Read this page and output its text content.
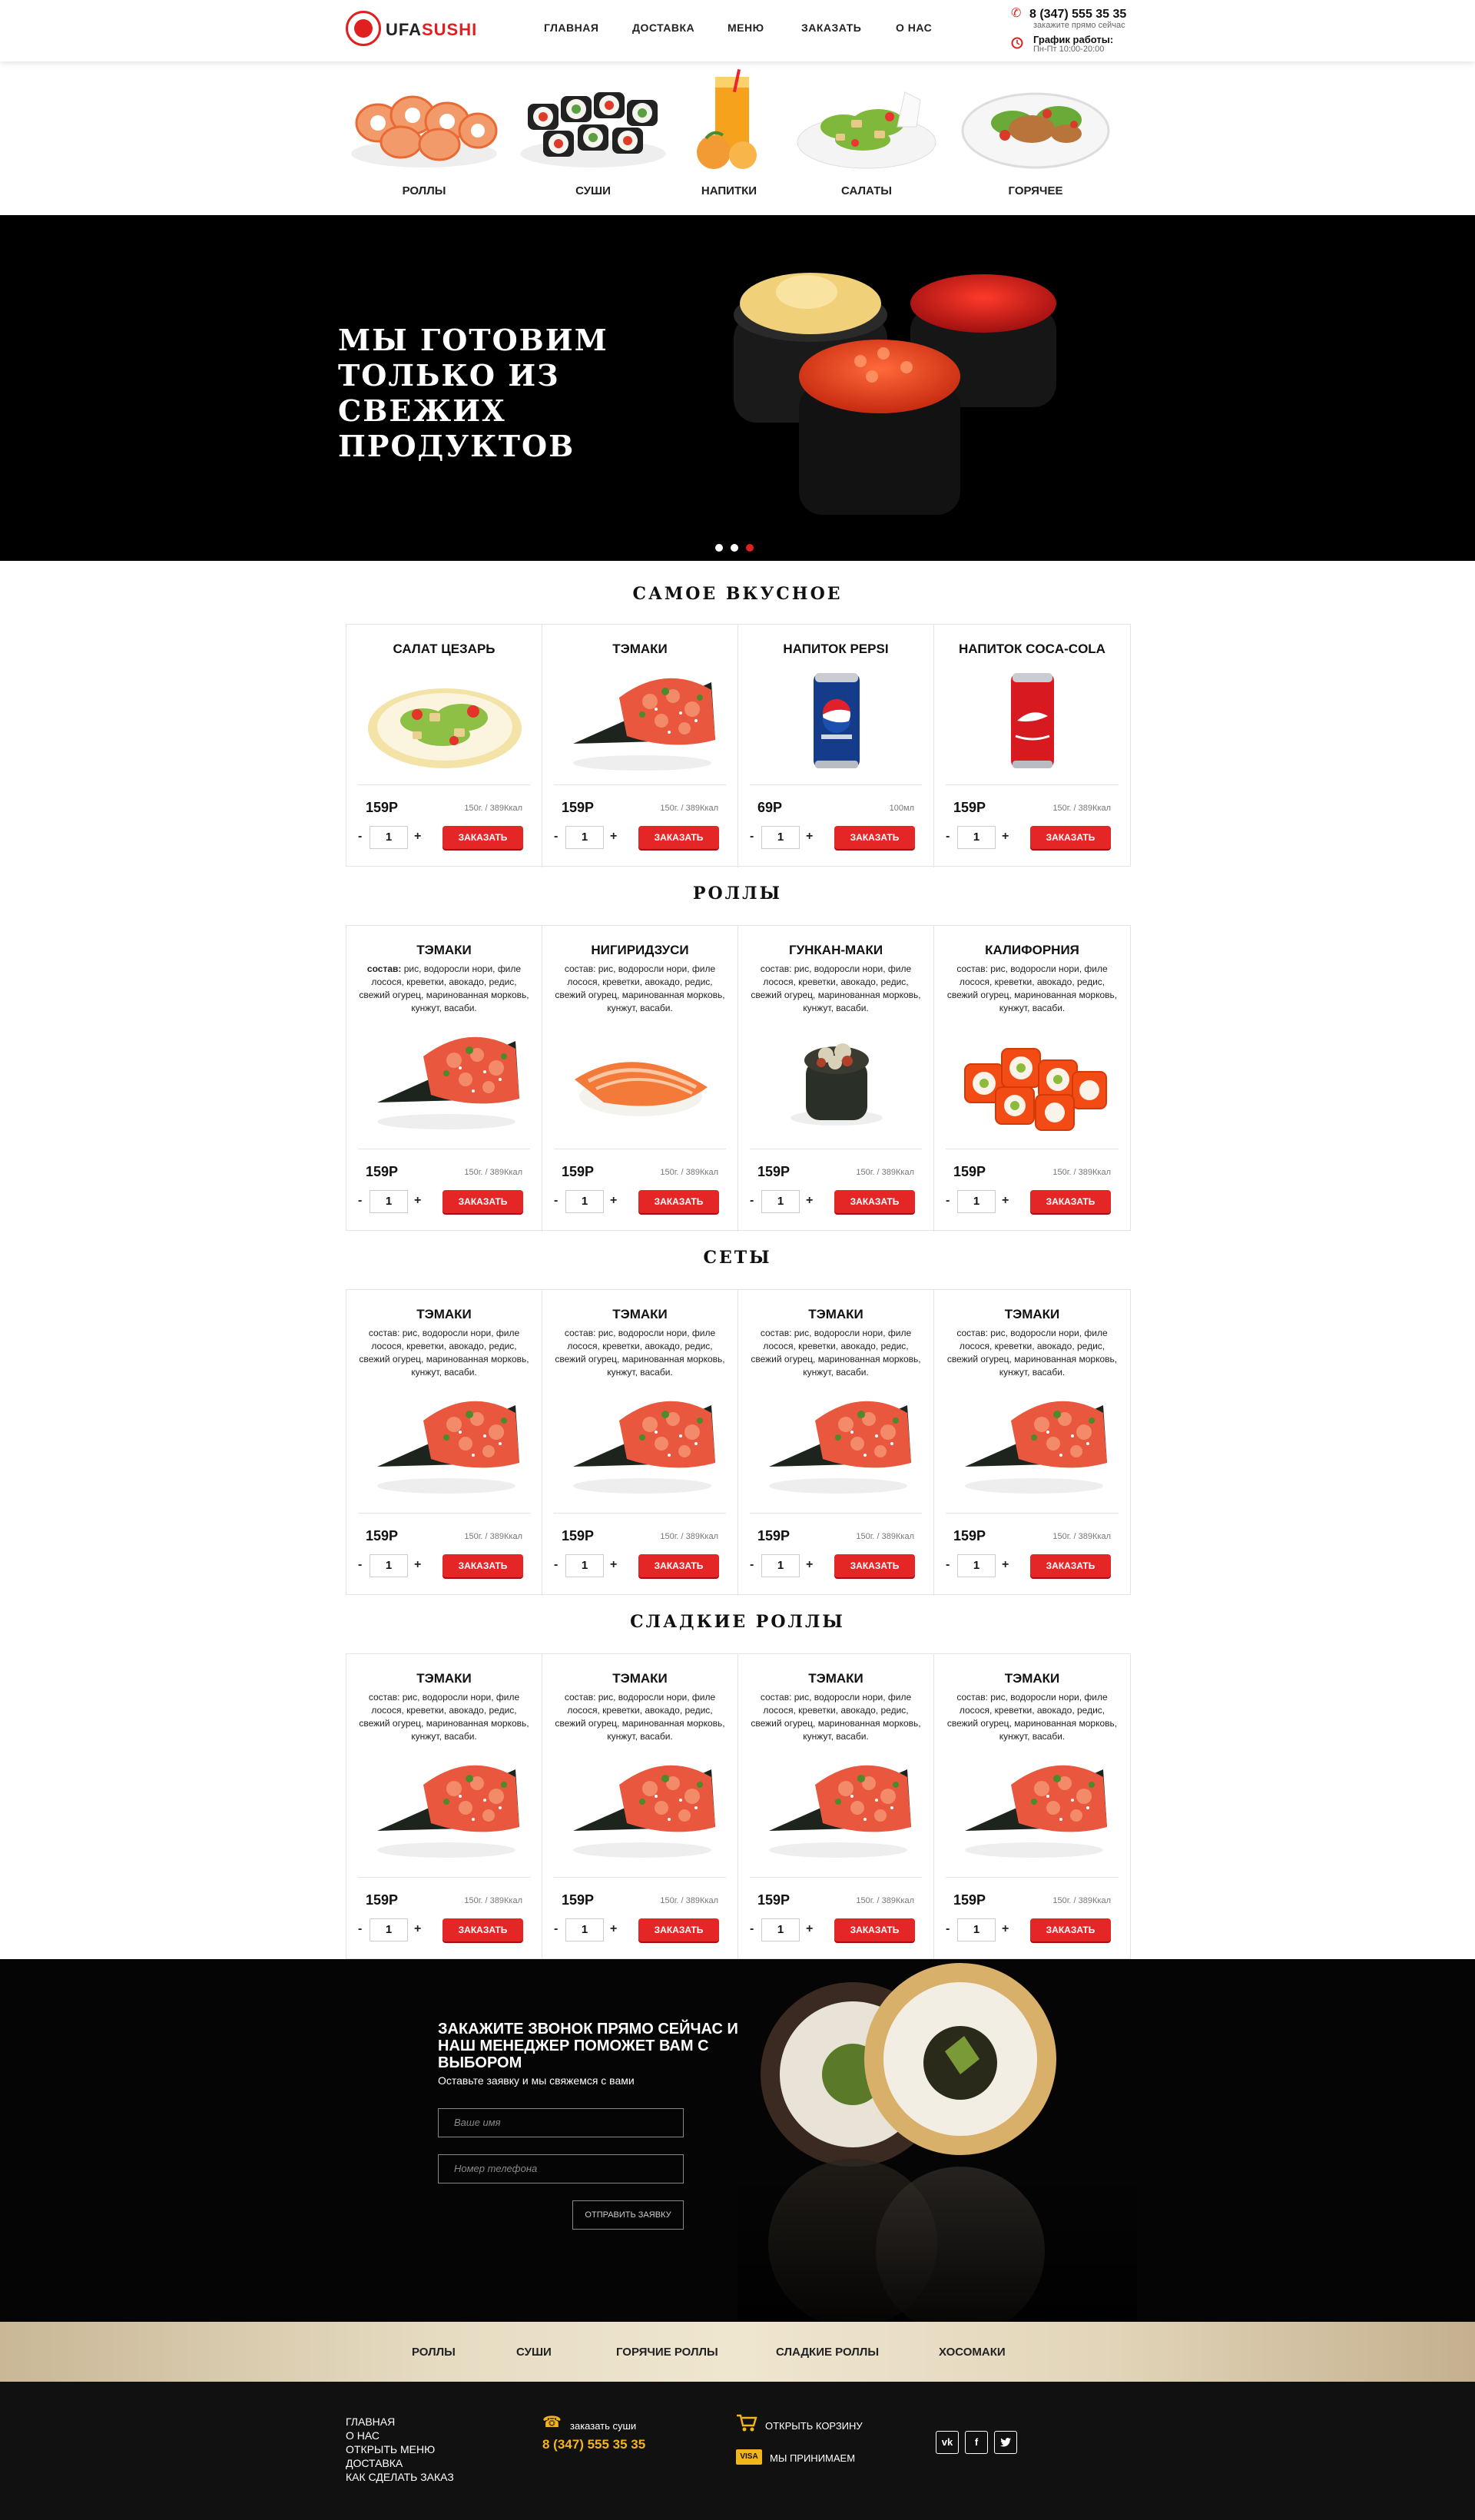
UFASUSHI	ГЛАВНАЯ	ДОСТАВКА	МЕНЮ	ЗАКАЗАТЬ	О НАС
✆ 8 (347) 555 35 35
закажите прямо сейчас
График работы:
Пн-Пт 10:00-20:00
РОЛЛЫ	СУШИ	НАПИТКИ	САЛАТЫ	ГОРЯЧЕЕ
МЫ ГОТОВИМ ТОЛЬКО ИЗ СВЕЖИХ ПРОДУКТОВ
САМОЕ ВКУСНОЕ
САЛАТ ЦЕЗАРЬ
159Р	150г. / 389Ккал
-	1	+	ЗАКАЗАТЬ
ТЭМАКИ
159Р	150г. / 389Ккал
-	1	+	ЗАКАЗАТЬ
НАПИТОК PEPSI
69Р	100мл
-	1	+	ЗАКАЗАТЬ
НАПИТОК COCA-COLA
159Р	150г. / 389Ккал
-	1	+	ЗАКАЗАТЬ
РОЛЛЫ
ТЭМАКИ
состав: рис, водоросли нори, филе лосося, креветки, авокадо, редис, свежий огурец, маринованная морковь, кунжут, васаби.
159Р	150г. / 389Ккал
-	1	+	ЗАКАЗАТЬ
НИГИРИДЗУСИ
состав: рис, водоросли нори, филе лосося, креветки, авокадо, редис, свежий огурец, маринованная морковь, кунжут, васаби.
159Р	150г. / 389Ккал
-	1	+	ЗАКАЗАТЬ
ГУНКАН-МАКИ
состав: рис, водоросли нори, филе лосося, креветки, авокадо, редис, свежий огурец, маринованная морковь, кунжут, васаби.
159Р	150г. / 389Ккал
-	1	+	ЗАКАЗАТЬ
КАЛИФОРНИЯ
состав: рис, водоросли нори, филе лосося, креветки, авокадо, редис, свежий огурец, маринованная морковь, кунжут, васаби.
159Р	150г. / 389Ккал
-	1	+	ЗАКАЗАТЬ
СЕТЫ
ТЭМАКИ
состав: рис, водоросли нори, филе лосося, креветки, авокадо, редис, свежий огурец, маринованная морковь, кунжут, васаби.
159Р	150г. / 389Ккал
-	1	+	ЗАКАЗАТЬ
ТЭМАКИ
состав: рис, водоросли нори, филе лосося, креветки, авокадо, редис, свежий огурец, маринованная морковь, кунжут, васаби.
159Р	150г. / 389Ккал
-	1	+	ЗАКАЗАТЬ
ТЭМАКИ
состав: рис, водоросли нори, филе лосося, креветки, авокадо, редис, свежий огурец, маринованная морковь, кунжут, васаби.
159Р	150г. / 389Ккал
-	1	+	ЗАКАЗАТЬ
ТЭМАКИ
состав: рис, водоросли нори, филе лосося, креветки, авокадо, редис, свежий огурец, маринованная морковь, кунжут, васаби.
159Р	150г. / 389Ккал
-	1	+	ЗАКАЗАТЬ
СЛАДКИЕ РОЛЛЫ
ТЭМАКИ
состав: рис, водоросли нори, филе лосося, креветки, авокадо, редис, свежий огурец, маринованная морковь, кунжут, васаби.
159Р	150г. / 389Ккал
-	1	+	ЗАКАЗАТЬ
ТЭМАКИ
состав: рис, водоросли нори, филе лосося, креветки, авокадо, редис, свежий огурец, маринованная морковь, кунжут, васаби.
159Р	150г. / 389Ккал
-	1	+	ЗАКАЗАТЬ
ТЭМАКИ
состав: рис, водоросли нори, филе лосося, креветки, авокадо, редис, свежий огурец, маринованная морковь, кунжут, васаби.
159Р	150г. / 389Ккал
-	1	+	ЗАКАЗАТЬ
ТЭМАКИ
состав: рис, водоросли нори, филе лосося, креветки, авокадо, редис, свежий огурец, маринованная морковь, кунжут, васаби.
159Р	150г. / 389Ккал
-	1	+	ЗАКАЗАТЬ
ЗАКАЖИТЕ ЗВОНОК ПРЯМО СЕЙЧАС И НАШ МЕНЕДЖЕР ПОМОЖЕТ ВАМ С ВЫБОРОМ
Оставьте заявку и мы свяжемся с вами
Ваше имя
Номер телефона
ОТПРАВИТЬ ЗАЯВКУ
РОЛЛЫ	СУШИ	ГОРЯЧИЕ РОЛЛЫ	СЛАДКИЕ РОЛЛЫ	ХОСОМАКИ
ГЛАВНАЯ
О НАС
ОТКРЫТЬ МЕНЮ
ДОСТАВКА
КАК СДЕЛАТЬ ЗАКАЗ
☎ заказать суши
8 (347) 555 35 35
ОТКРЫТЬ КОРЗИНУ
VISA	МЫ ПРИНИМАЕМ
vk	f
